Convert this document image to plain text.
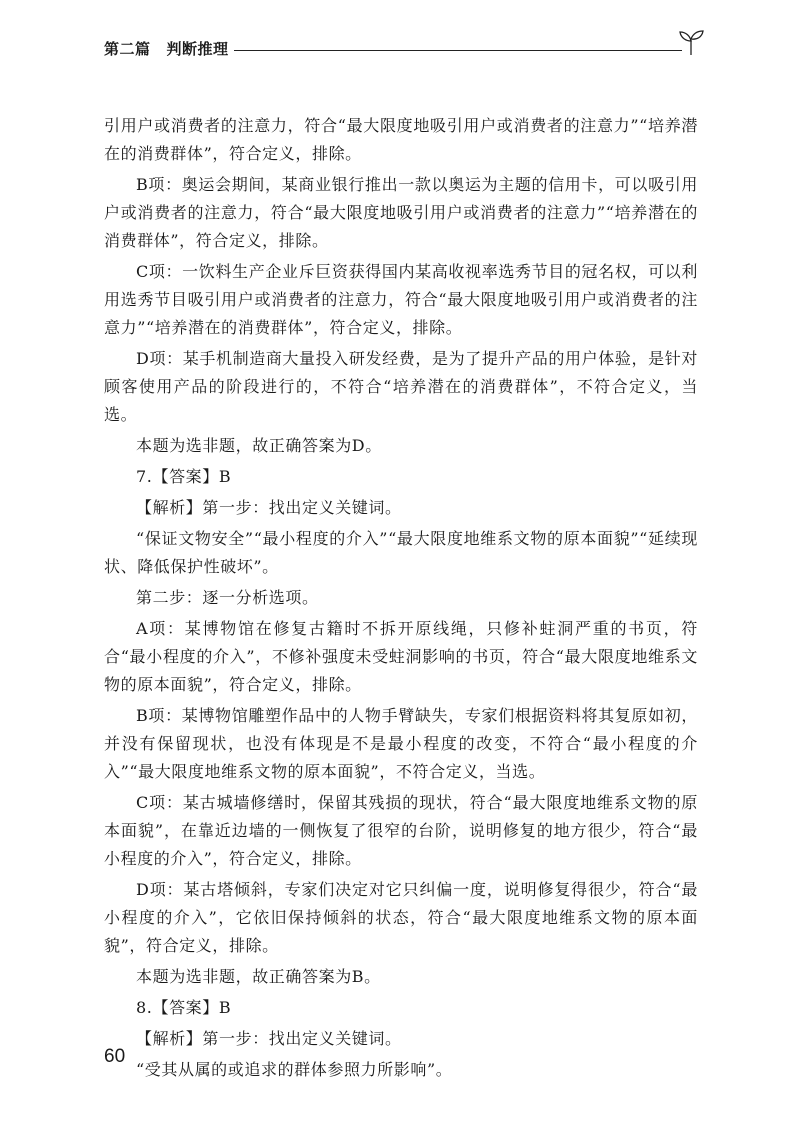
第二篇 判断推理

引用户或消费者的注意力，符合“最大限度地吸引用户或消费者的注意力”“培养潜在的消费群体”，符合定义，排除。

B项：奥运会期间，某商业银行推出一款以奥运为主题的信用卡，可以吸引用户或消费者的注意力，符合“最大限度地吸引用户或消费者的注意力”“培养潜在的消费群体”，符合定义，排除。

C项：一饮料生产企业斥巨资获得国内某高收视率选秀节目的冠名权，可以利用选秀节目吸引用户或消费者的注意力，符合“最大限度地吸引用户或消费者的注意力”“培养潜在的消费群体”，符合定义，排除。

D项：某手机制造商大量投入研发经费，是为了提升产品的用户体验，是针对顾客使用产品的阶段进行的，不符合“培养潜在的消费群体”，不符合定义，当选。

本题为选非题，故正确答案为D。

7.【答案】B

【解析】第一步：找出定义关键词。

“保证文物安全”“最小程度的介入”“最大限度地维系文物的原本面貌”“延续现状、降低保护性破坏”。

第二步：逐一分析选项。

A项：某博物馆在修复古籍时不拆开原线绳，只修补蛀洞严重的书页，符合“最小程度的介入”，不修补强度未受蛀洞影响的书页，符合“最大限度地维系文物的原本面貌”，符合定义，排除。

B项：某博物馆雕塑作品中的人物手臂缺失，专家们根据资料将其复原如初，并没有保留现状，也没有体现是不是最小程度的改变，不符合“最小程度的介入”“最大限度地维系文物的原本面貌”，不符合定义，当选。

C项：某古城墙修缮时，保留其残损的现状，符合“最大限度地维系文物的原本面貌”，在靠近边墙的一侧恢复了很窄的台阶，说明修复的地方很少，符合“最小程度的介入”，符合定义，排除。

D项：某古塔倾斜，专家们决定对它只纠偏一度，说明修复得很少，符合“最小程度的介入”，它依旧保持倾斜的状态，符合“最大限度地维系文物的原本面貌”，符合定义，排除。

本题为选非题，故正确答案为B。

8.【答案】B

【解析】第一步：找出定义关键词。

“受其从属的或追求的群体参照力所影响”。

60
